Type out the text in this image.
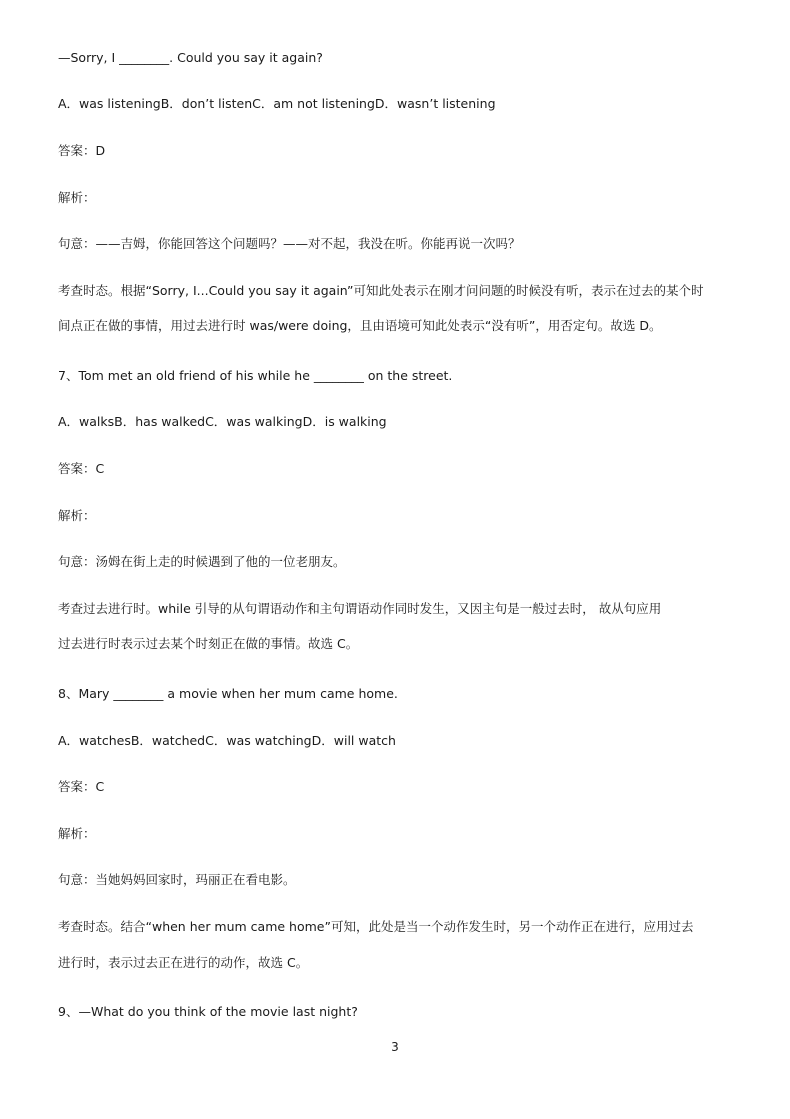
—Sorry, I ________. Could you say it again?
A．was listeningB．don’t listenC．am not listeningD．wasn’t listening
答案：D
解析：
句意：——吉姆，你能回答这个问题吗？——对不起，我没在听。你能再说一次吗？
考查时态。根据“Sorry, I...Could you say it again”可知此处表示在刚才问问题的时候没有听，表示在过去的某个时
间点正在做的事情，用过去进行时 was/were doing，且由语境可知此处表示“没有听”，用否定句。故选 D。
7、Tom met an old friend of his while he ________ on the street.
A．walksB．has walkedC．was walkingD．is walking
答案：C
解析：
句意：汤姆在街上走的时候遇到了他的一位老朋友。
考查过去进行时。while 引导的从句谓语动作和主句谓语动作同时发生，又因主句是一般过去时， 故从句应用
过去进行时表示过去某个时刻正在做的事情。故选 C。
8、Mary ________ a movie when her mum came home.
A．watchesB．watchedC．was watchingD．will watch
答案：C
解析：
句意：当她妈妈回家时，玛丽正在看电影。
考查时态。结合“when her mum came home”可知，此处是当一个动作发生时，另一个动作正在进行，应用过去
进行时，表示过去正在进行的动作，故选 C。
9、—What do you think of the movie last night?
3
